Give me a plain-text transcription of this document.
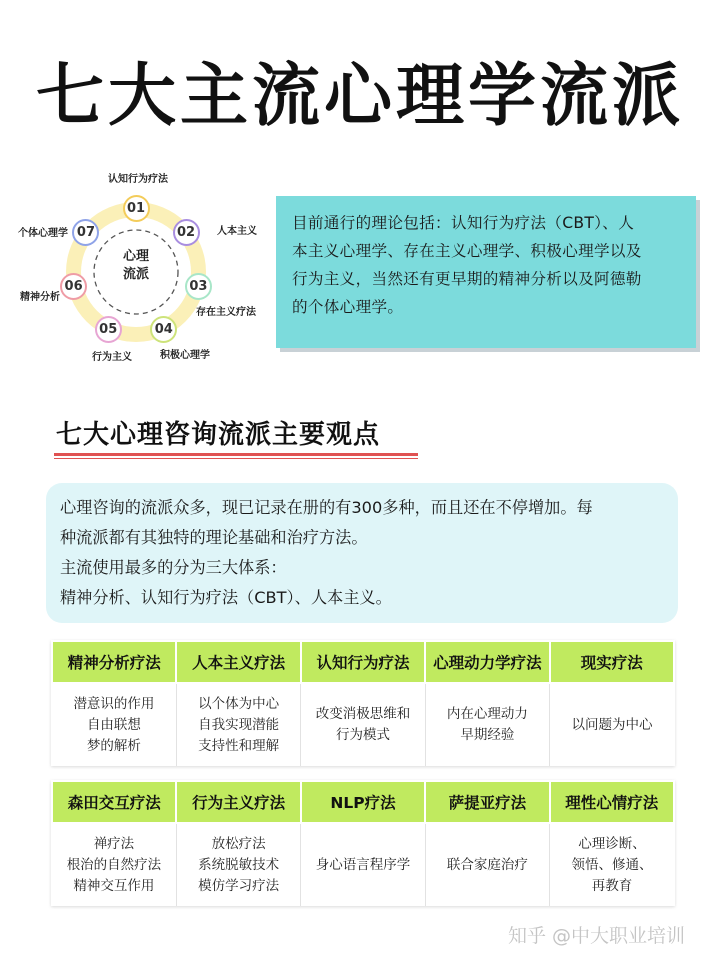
七大主流心理学流派
心理
流派
01
认知行为疗法
02	人本主义
03
存在主义疗法
04
积极心理学
05
行为主义
06
精神分析
07
个体心理学
目前通行的理论包括：认知行为疗法（CBT）、人
本主义心理学、存在主义心理学、积极心理学以及
行为主义，当然还有更早期的精神分析以及阿德勒
的个体心理学。
七大心理咨询流派主要观点

心理咨询的流派众多，现已记录在册的有300多种，而且还在不停增加。每

种流派都有其独特的理论基础和治疗方法。

主流使用最多的分为三大体系：

精神分析、认知行为疗法（CBT）、人本主义。

精神分析疗法	人本主义疗法	认知行为疗法	心理动力学疗法	现实疗法

潜意识的作用
自由联想
梦的解析	以个体为中心
自我实现潜能
支持性和理解	改变消极思维和
行为模式	内在心理动力
早期经验	以问题为中心
森田交互疗法	行为主义疗法	NLP疗法	萨提亚疗法	理性心情疗法

禅疗法
根治的自然疗法
精神交互作用	放松疗法
系统脱敏技术
模仿学习疗法	身心语言程序学	联合家庭治疗	心理诊断、
领悟、修通、
再教育
知乎 @中大职业培训
